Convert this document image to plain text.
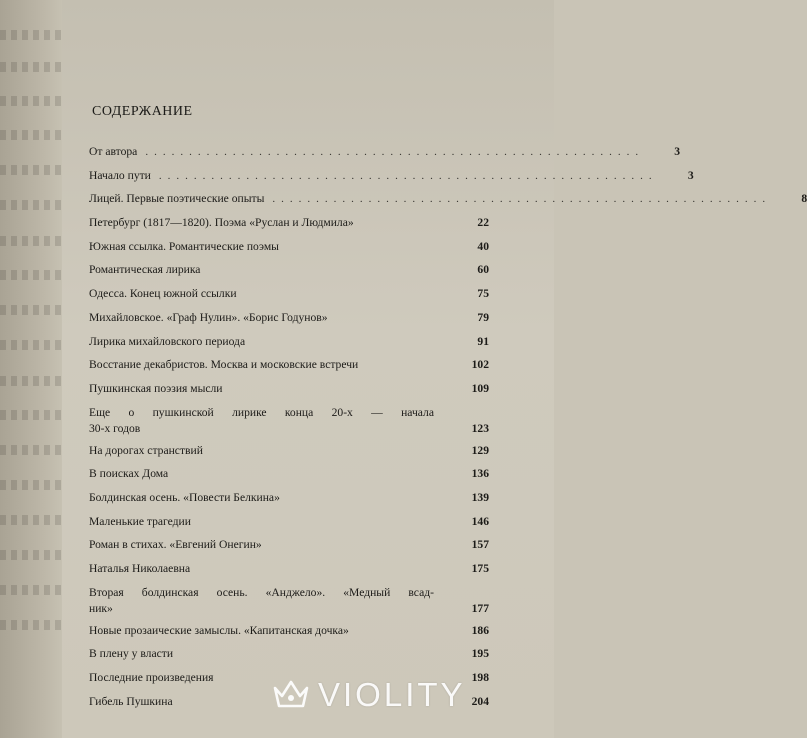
СОДЕРЖАНИЕ
От автора .........................................................	3
Начало пути .........................................................	3
Лицей. Первые поэтические опыты .........................................................	8
Петербург (1817—1820). Поэма «Руслан и Людмила»	22
Южная ссылка. Романтические поэмы	40
Романтическая лирика	60
Одесса. Конец южной ссылки	75
Михайловское. «Граф Нулин». «Борис Годунов»	79
Лирика михайловского периода	91
Восстание декабристов. Москва и московские встречи	102
Пушкинская поэзия мысли	109
Еще о пушкинской лирике конца 20-х — начала
30-х годов	123
На дорогах странствий	129
В поисках Дома	136
Болдинская осень. «Повести Белкина»	139
Маленькие трагедии	146
Роман в стихах. «Евгений Онегин»	157
Наталья Николаевна	175
Вторая болдинская осень. «Анджело». «Медный всад-
ник»	177
Новые прозаические замыслы. «Капитанская дочка»	186
В плену у власти	195
Последние произведения	198
Гибель Пушкина	204
VIOLITY
